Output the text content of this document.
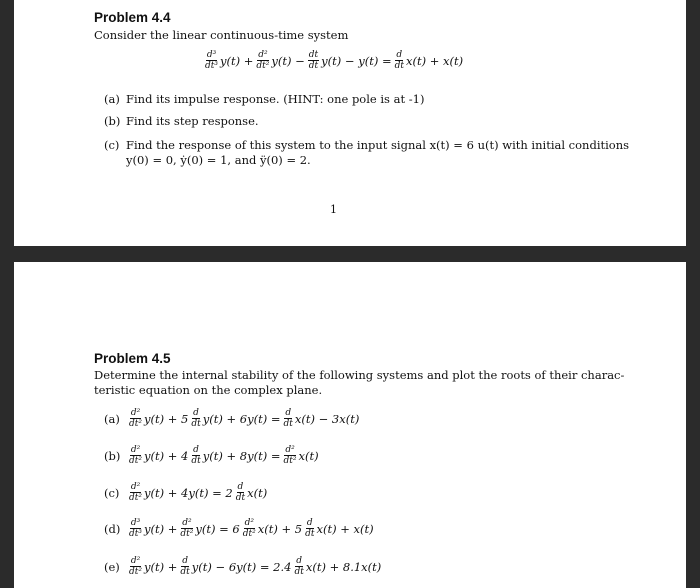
Problem 4.4
Consider the linear continuous-time system
$\frac{\text{d³}}{\text{dt³}} y(t) + \frac{\text{d²}}{\text{dt²}} y(t) - \frac{dt}{dt} y(t) - y(t) = \frac{d}{dt} x(t) + x(t)$
(a) Find its impulse response. (HINT: one pole is at -1)
(b) Find its step response.
(c) Find the response of this system to the input signal x(t) = 6 u(t) with initial conditions
y(0) = 0, ẏ(0) = 1, and ÿ(0) = 2.
1
Problem 4.5
Determine the internal stability of the following systems and plot the roots of their charac-
teristic equation on the complex plane.
(a)	$\frac{\text{d²}}{\text{dt²}} y(t) + 5 \frac{d}{dt} y(t) + 6y(t) = \frac{d}{dt} x(t) - 3x(t)$
$(b) \frac{\text{d²}}{\text{dt²}} y(t) + 4 \frac{d}{dt} y(t) + 8y(t) = \frac{\text{d²}}{\text{dt²}} x(t)$
(c)	$\frac{\text{d²}}{\text{dt²}} y(t) + 4y(t) = 2 \frac{d}{dt} x(t)$
$(d) \frac{\text{d³}}{\text{dt³}} y(t) + \frac{\text{d²}}{\text{dt²}} y(t) = 6 \frac{\text{d²}}{\text{dt²}} x(t) + 5 \frac{d}{dt} x(t) + x(t)$
(e)	$\frac{\text{d²}}{\text{dt²}} y(t) + \frac{d}{dt} y(t) - 6y(t) = 2.4 \frac{d}{dt} x(t) + 8.1x(t)$
